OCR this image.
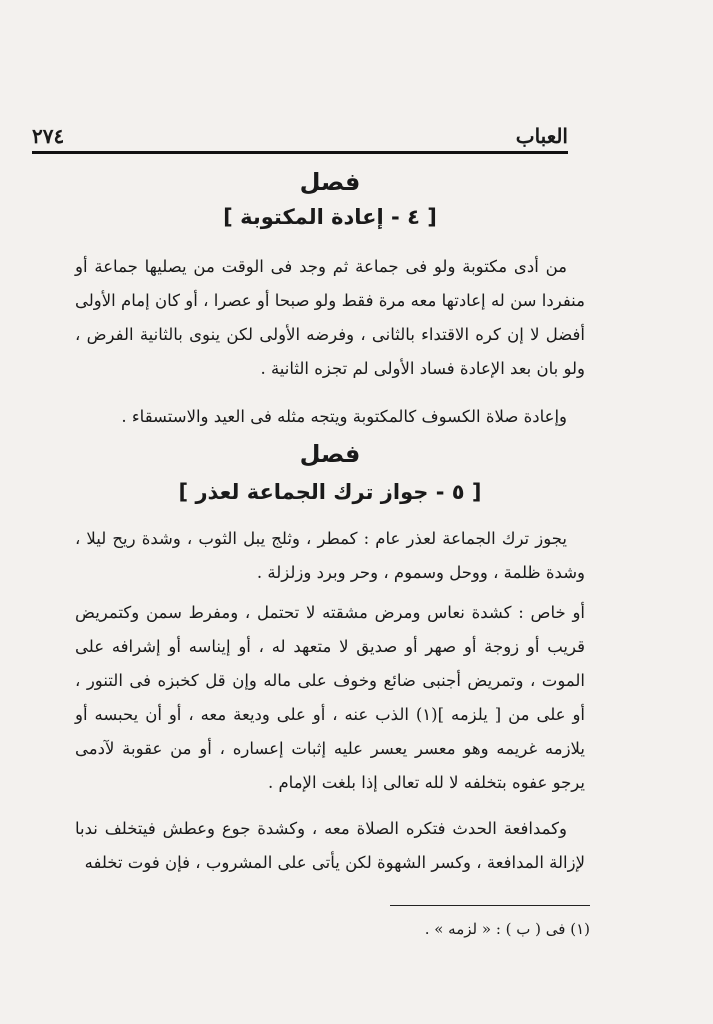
العباب
٢٧٤
فصل
[ ٤ - إعادة المكتوبة ]
من أدى مكتوبة ولو فى جماعة ثم وجد فى الوقت من يصليها جماعة أو منفردا سن له إعادتها معه مرة فقط ولو صبحا أو عصرا ، أو كان إمام الأولى أفضل لا إن كره الاقتداء بالثانى ، وفرضه الأولى لكن ينوى بالثانية الفرض ، ولو بان بعد الإعادة فساد الأولى لم تجزه الثانية .
وإعادة صلاة الكسوف كالمكتوبة ويتجه مثله فى العيد والاستسقاء .
فصل
[ ٥ - جواز ترك الجماعة لعذر ]
يجوز ترك الجماعة لعذر عام : كمطر ، وثلج يبل الثوب ، وشدة ريح ليلا ، وشدة ظلمة ، ووحل وسموم ، وحر وبرد وزلزلة .
أو خاص : كشدة نعاس ومرض مشقته لا تحتمل ، ومفرط سمن وكتمريض قريب أو زوجة أو صهر أو صديق لا متعهد له ، أو إيناسه أو إشرافه على الموت ، وتمريض أجنبى ضائع وخوف على ماله وإن قل كخبزه فى التنور ، أو على من [ يلزمه ](١) الذب عنه ، أو على وديعة معه ، أو أن يحبسه أو يلازمه غريمه وهو معسر يعسر عليه إثبات إعساره ، أو من عقوبة لآدمى يرجو عفوه بتخلفه لا لله تعالى إذا بلغت الإمام .
وكمدافعة الحدث فتكره الصلاة معه ، وكشدة جوع وعطش فيتخلف ندبا لإزالة المدافعة ، وكسر الشهوة لكن يأتى على المشروب ، فإن فوت تخلفه
(١) فى ( ب ) : « لزمه » .
